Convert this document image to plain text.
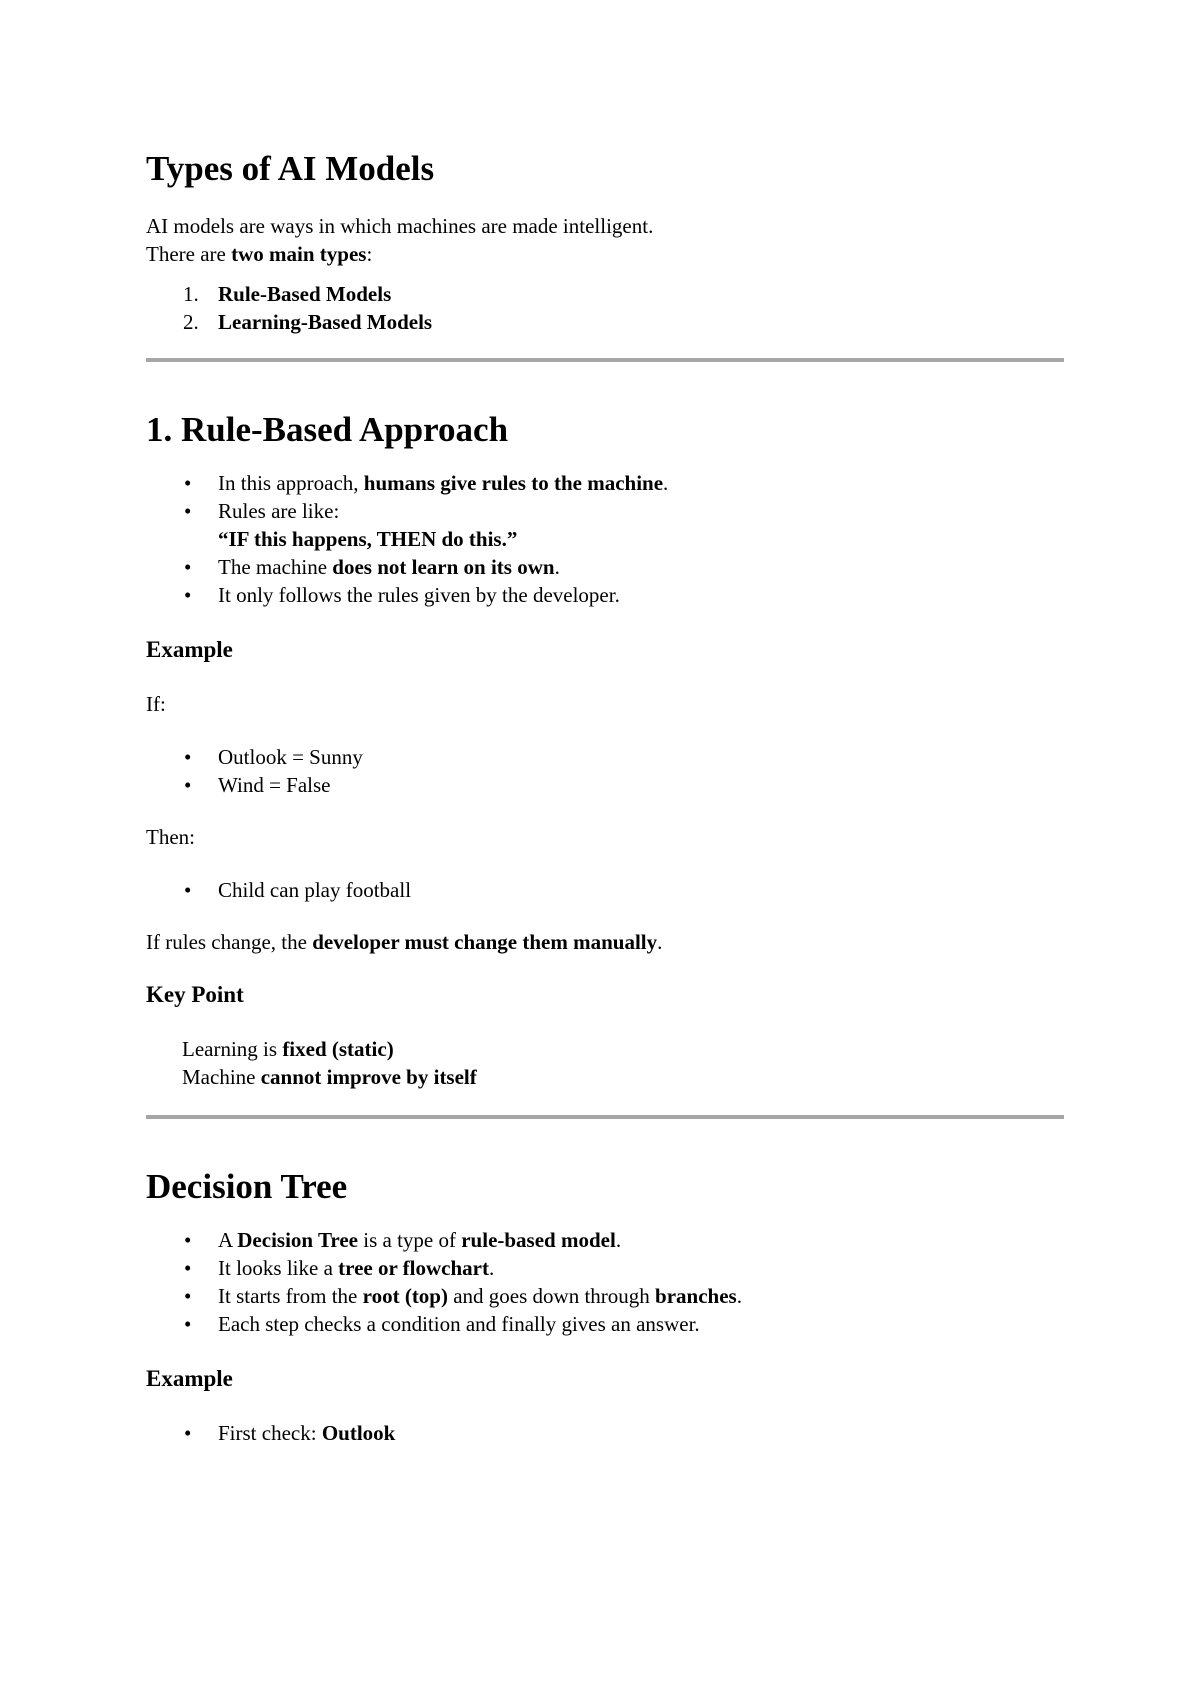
Types of AI Models

AI models are ways in which machines are made intelligent.

There are two main types:

1. Rule-Based Models
2. Learning-Based Models
1. Rule-Based Approach
• In this approach, humans give rules to the machine.
• Rules are like:
“IF this happens, THEN do this.”
• The machine does not learn on its own.
• It only follows the rules given by the developer.
Example

If:

• Outlook = Sunny
• Wind = False

Then:

• Child can play football

If rules change, the developer must change them manually.

Key Point

Learning is fixed (static)

Machine cannot improve by itself

Decision Tree
• A Decision Tree is a type of rule-based model.
• It looks like a tree or flowchart.
• It starts from the root (top) and goes down through branches.
• Each step checks a condition and finally gives an answer.
Example
• First check: Outlook
